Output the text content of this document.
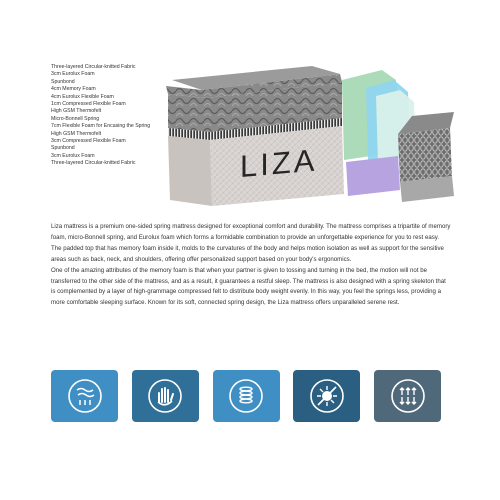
Three-layered Circular-knitted Fabric
3cm Eurolux Foam
Spunbond
4cm Memory Foam
4cm Eurolux Flexible Foam
1cm Compressed Flexible Foam
High GSM Thermofelt
Micro-Bonnell Spring
7cm Flexible Foam for Encasing the Spring
High GSM Thermofelt
3cm Compressed Flexible Foam
Spunbond
3cm Eurolux Foam
Three-layered Circular-knitted Fabric	LIZA

Liza mattress is a premium one-sided spring mattress designed for exceptional comfort and durability. The mattress comprises a tripartite of memory foam, micro-Bonnell spring, and Eurolux foam which forms a formidable combination to provide an unforgettable experience for you to rest easy. The padded top that has memory foam inside it, molds to the curvatures of the body and helps motion isolation as well as support for the sensitive areas such as back, neck, and shoulders, offering offer personalized support based on your body's ergonomics.

One of the amazing attributes of the memory foam is that when your partner is given to tossing and turning in the bed, the motion will not be transferred to the other side of the mattress, and as a result, it guarantees a restful sleep. The mattress is also designed with a spring skeleton that is complemented by a layer of high-grammage compressed felt to distribute body weight evenly. In this way, you feel the springs less, providing a more comfortable sleeping surface. Known for its soft, connected spring design, the Liza mattress offers unparalleled serene rest.
